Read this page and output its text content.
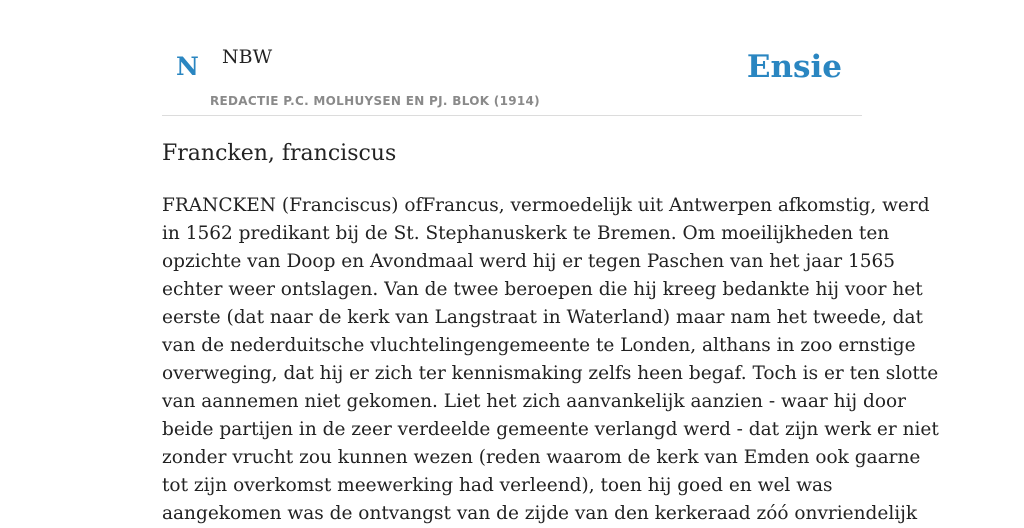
N NBW
REDACTIE P.C. MOLHUYSEN EN PJ. BLOK (1914)
Ensie
Francken, franciscus
FRANCKEN (Franciscus) ofFrancus, vermoedelijk uit Antwerpen afkomstig, werd
in 1562 predikant bij de St. Stephanuskerk te Bremen. Om moeilijkheden ten
opzichte van Doop en Avondmaal werd hij er tegen Paschen van het jaar 1565
echter weer ontslagen. Van de twee beroepen die hij kreeg bedankte hij voor het
eerste (dat naar de kerk van Langstraat in Waterland) maar nam het tweede, dat
van de nederduitsche vluchtelingengemeente te Londen, althans in zoo ernstige
overweging, dat hij er zich ter kennismaking zelfs heen begaf. Toch is er ten slotte
van aannemen niet gekomen. Liet het zich aanvankelijk aanzien - waar hij door
beide partijen in de zeer verdeelde gemeente verlangd werd - dat zijn werk er niet
zonder vrucht zou kunnen wezen (reden waarom de kerk van Emden ook gaarne
tot zijn overkomst meewerking had verleend), toen hij goed en wel was
aangekomen was de ontvangst van de zijde van den kerkeraad zóó onvriendelijk
